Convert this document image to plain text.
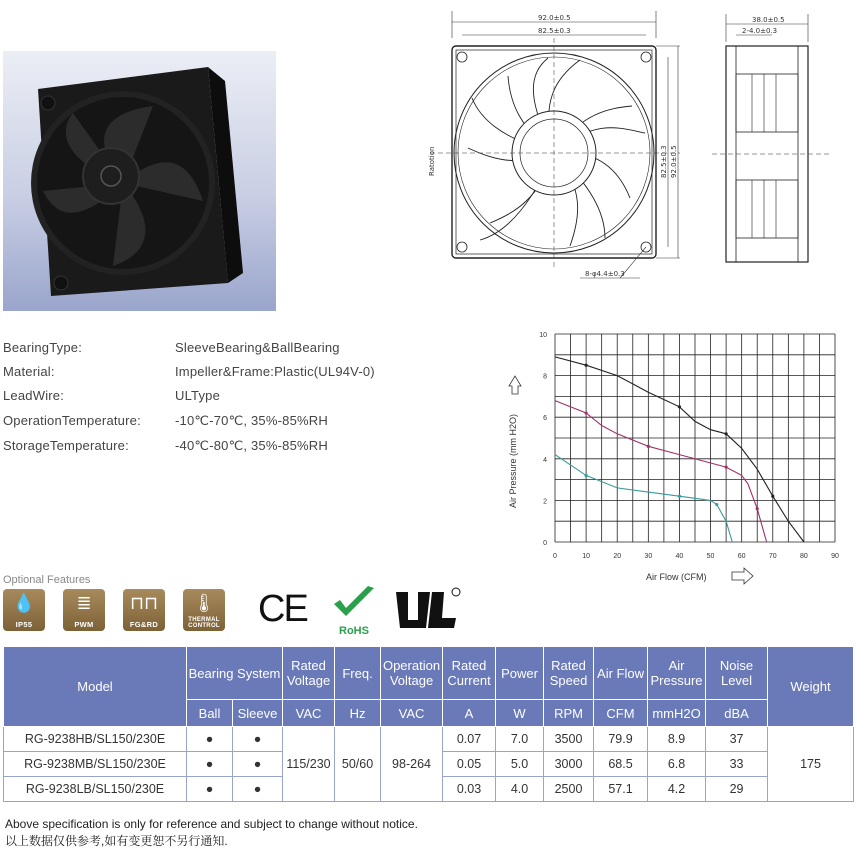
92.0±0.5
82.5±0.3
82.5±0.3 92.0±0.5
8-φ4.4±0.3
Ratotion
38.0±0.5
2-4.0±0.3
BearingType:	SleeveBearing&BallBearing
Material:	Impeller&Frame:Plastic(UL94V-0)
LeadWire:	ULType
OperationTemperature:	-10℃-70℃, 35%-85%RH
StorageTemperature:	-40℃-80℃, 35%-85%RH
0	10	20	30	40	50	60	70	80	90
0
2
4
6
8
10
Air Pressure (mm H2O)
Air Flow (CFM)
Optional Features
💧
IP55
≣
PWM
⊓⊓
FG&RD
🌡
THERMAL CONTROL CE
RoHS
Model	Bearing System		Rated Voltage	Freq.	Operation Voltage	Rated Current	Power	Rated Speed	Air Flow	Air Pressure	Noise Level	Weight
	Ball	Sleeve	VAC	Hz	VAC	A	W	RPM	CFM	mmH2O	dBA	
RG-9238HB/SL150/230E	●	●	115/230	50/60	98-264	0.07	7.0	3500	79.9	8.9	37	175
RG-9238MB/SL150/230E	●	●				0.05	5.0	3000	68.5	6.8	33	
RG-9238LB/SL150/230E	●	●				0.03	4.0	2500	57.1	4.2	29	
Above specification is only for reference and subject to change without notice.
以上数据仅供参考,如有变更恕不另行通知.
